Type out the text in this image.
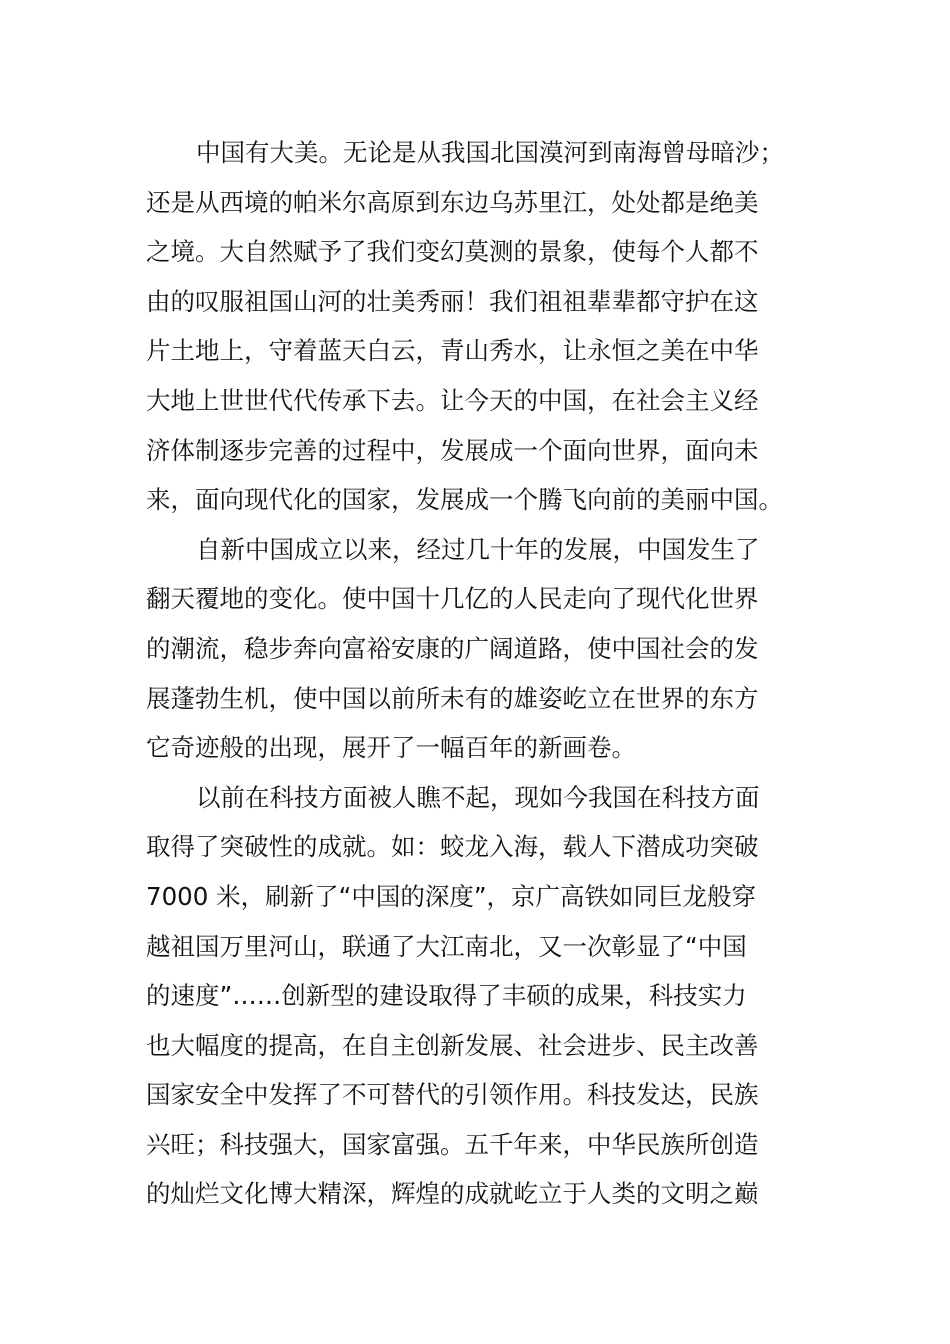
中国有大美。无论是从我国北国漠河到南海曾母暗沙；
还是从西境的帕米尔高原到东边乌苏里江，处处都是绝美
之境。大自然赋予了我们变幻莫测的景象，使每个人都不
由的叹服祖国山河的壮美秀丽！我们祖祖辈辈都守护在这
片土地上，守着蓝天白云，青山秀水，让永恒之美在中华
大地上世世代代传承下去。让今天的中国，在社会主义经
济体制逐步完善的过程中，发展成一个面向世界，面向未
来，面向现代化的国家，发展成一个腾飞向前的美丽中国。
自新中国成立以来，经过几十年的发展，中国发生了
翻天覆地的变化。使中国十几亿的人民走向了现代化世界
的潮流，稳步奔向富裕安康的广阔道路，使中国社会的发
展蓬勃生机，使中国以前所未有的雄姿屹立在世界的东方
它奇迹般的出现，展开了一幅百年的新画卷。
以前在科技方面被人瞧不起，现如今我国在科技方面
取得了突破性的成就。如：蛟龙入海，载人下潜成功突破
7000 米，刷新了“中国的深度”，京广高铁如同巨龙般穿
越祖国万里河山，联通了大江南北，又一次彰显了“中国
的速度”……创新型的建设取得了丰硕的成果，科技实力
也大幅度的提高，在自主创新发展、社会进步、民主改善
国家安全中发挥了不可替代的引领作用。科技发达，民族
兴旺；科技强大，国家富强。五千年来，中华民族所创造
的灿烂文化博大精深，辉煌的成就屹立于人类的文明之巅
